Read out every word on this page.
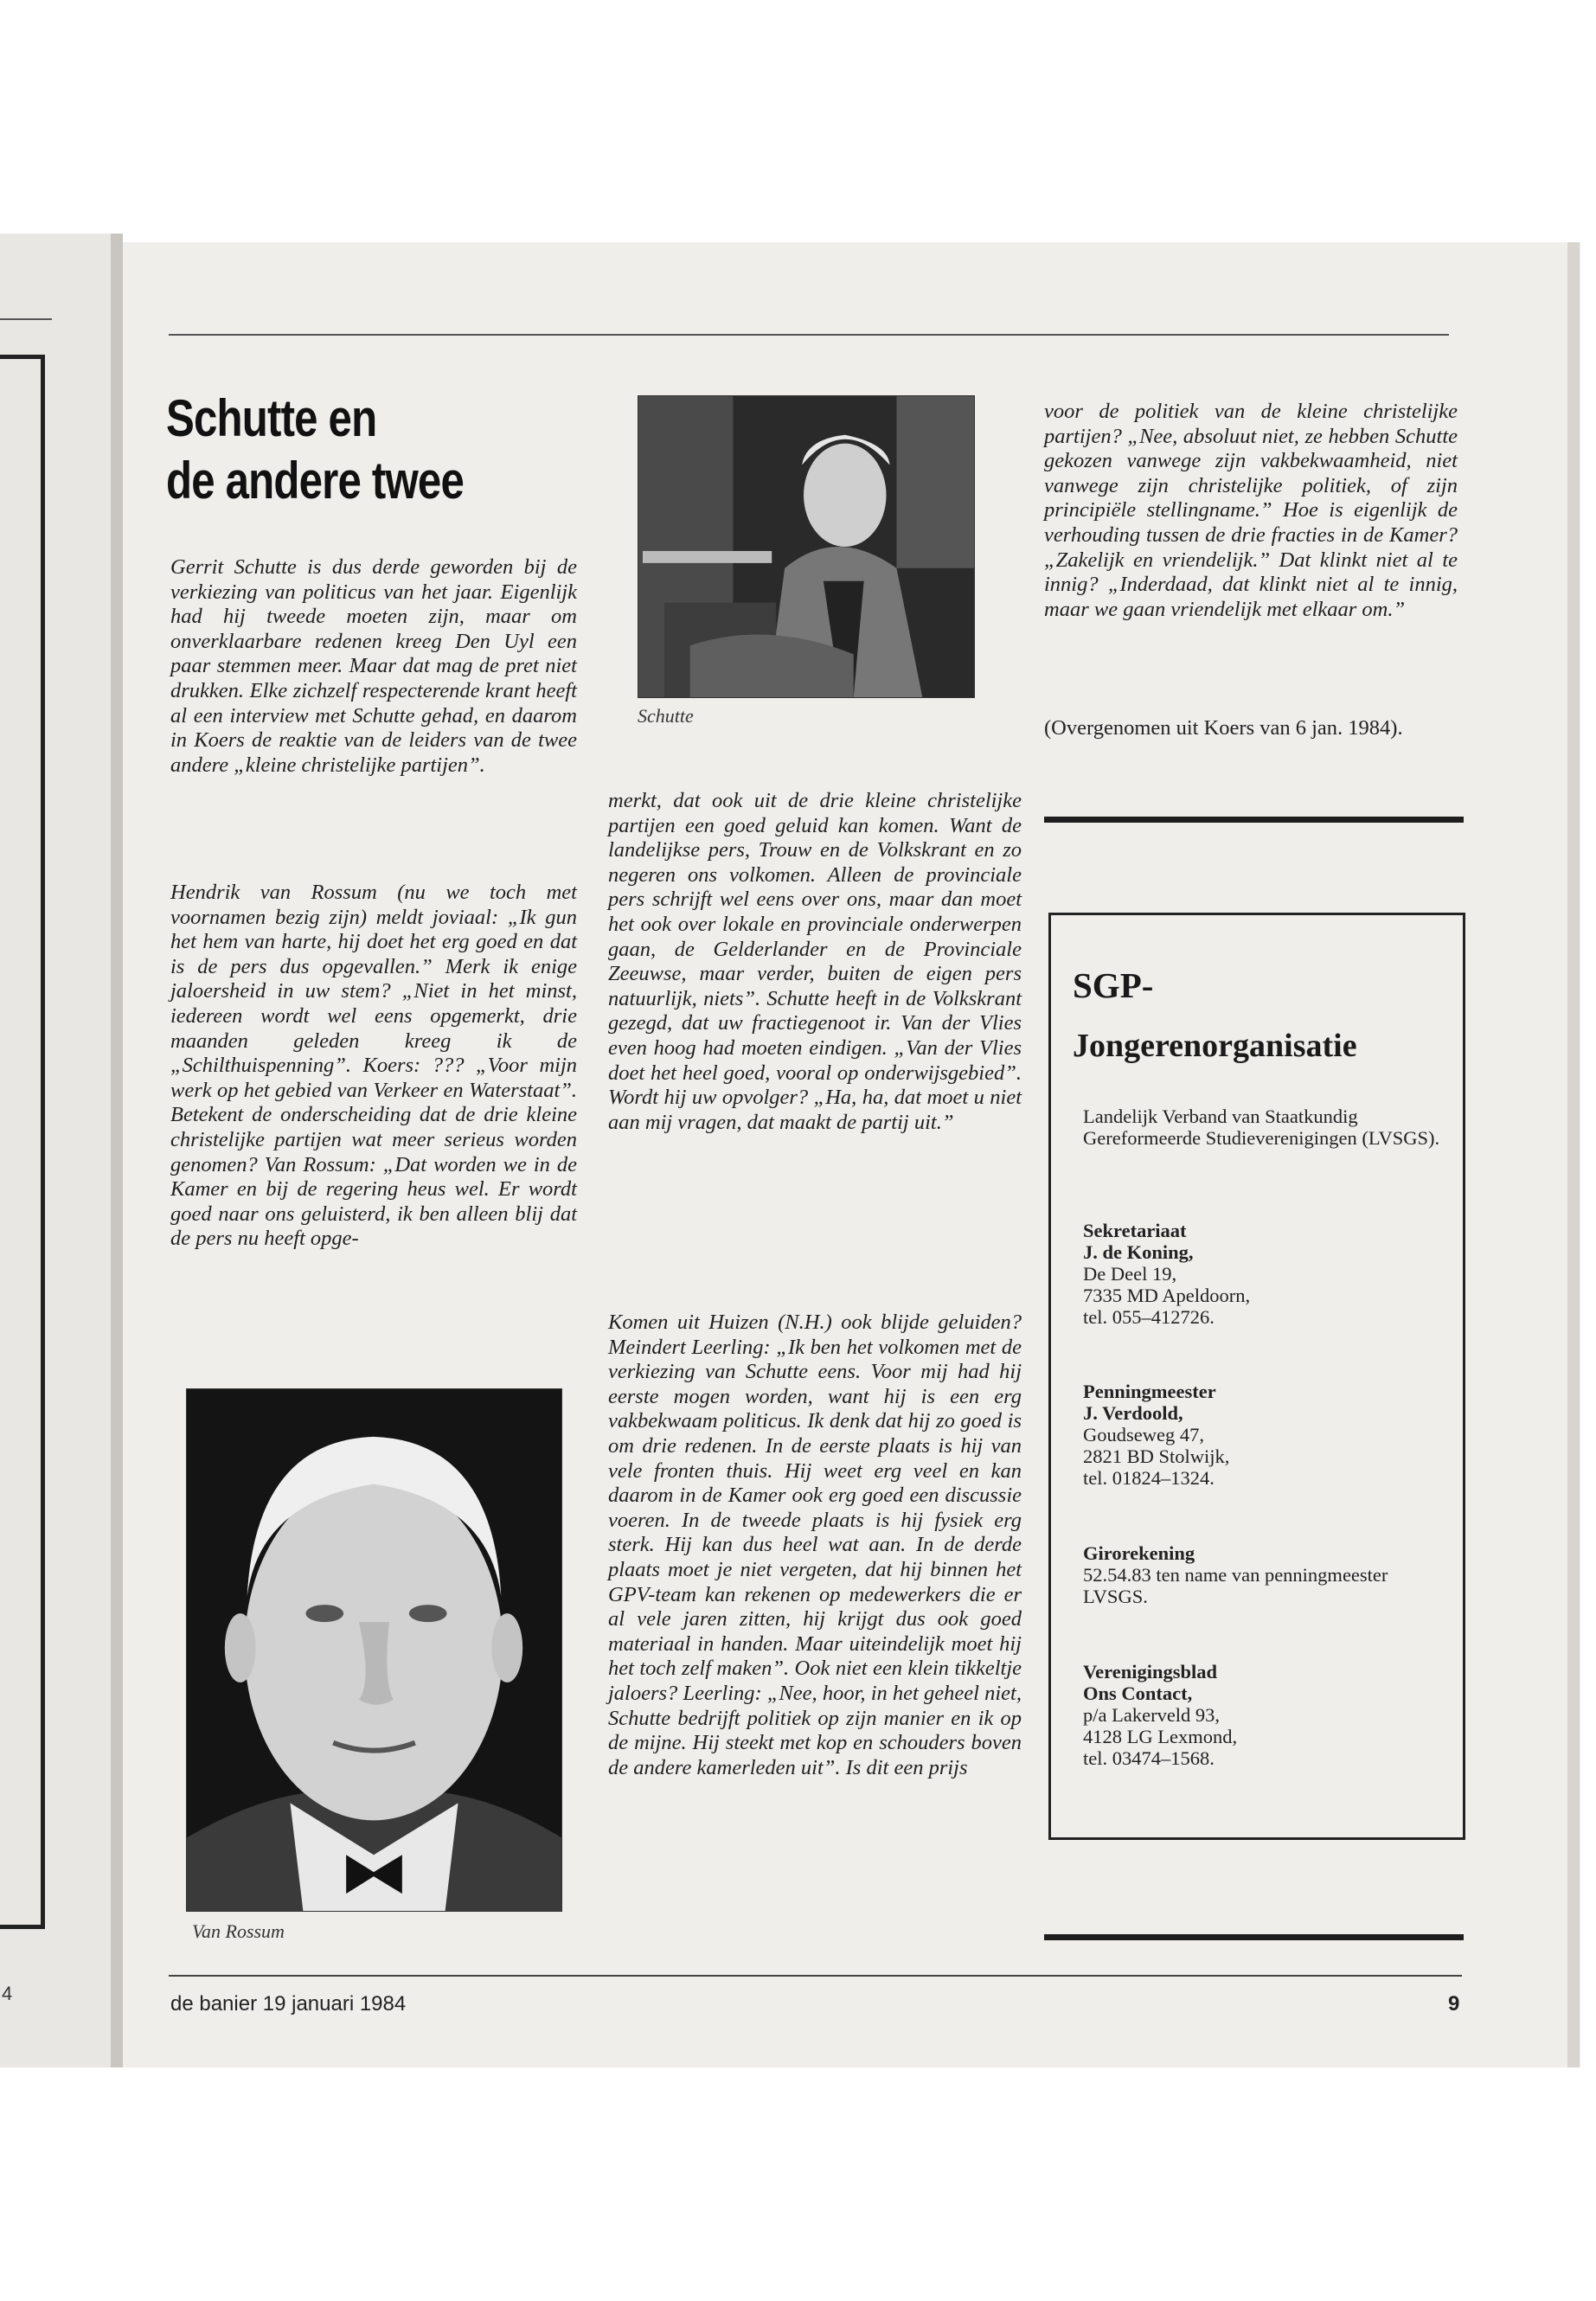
4
Schutte en
de andere twee

Gerrit Schutte is dus derde geworden bij de verkiezing van politicus van het jaar. Eigenlijk had hij tweede moeten zijn, maar om onverklaarbare redenen kreeg Den Uyl een paar stemmen meer. Maar dat mag de pret niet drukken. Elke zichzelf respecterende krant heeft al een interview met Schutte gehad, en daarom in Koers de reaktie van de leiders van de twee andere „kleine christelijke partijen”.

Hendrik van Rossum (nu we toch met voornamen bezig zijn) meldt joviaal: „Ik gun het hem van harte, hij doet het erg goed en dat is de pers dus opgevallen.” Merk ik enige jaloersheid in uw stem? „Niet in het minst, iedereen wordt wel eens opgemerkt, drie maanden geleden kreeg ik de „Schilthuispenning”. Koers: ??? „Voor mijn werk op het gebied van Verkeer en Waterstaat”. Betekent de onderscheiding dat de drie kleine christelijke partijen wat meer serieus worden genomen? Van Rossum: „Dat worden we in de Kamer en bij de regering heus wel. Er wordt goed naar ons geluisterd, ik ben alleen blij dat de pers nu heeft opge-

Schutte

merkt, dat ook uit de drie kleine christelijke partijen een goed geluid kan komen. Want de landelijkse pers, Trouw en de Volkskrant en zo negeren ons volkomen. Alleen de provinciale pers schrijft wel eens over ons, maar dan moet het ook over lokale en provinciale onderwerpen gaan, de Gelderlander en de Provinciale Zeeuwse, maar verder, buiten de eigen pers natuurlijk, niets”. Schutte heeft in de Volkskrant gezegd, dat uw fractiegenoot ir. Van der Vlies even hoog had moeten eindigen. „Van der Vlies doet het heel goed, vooral op onderwijsgebied”. Wordt hij uw opvolger? „Ha, ha, dat moet u niet aan mij vragen, dat maakt de partij uit.”

Komen uit Huizen (N.H.) ook blijde geluiden? Meindert Leerling: „Ik ben het volkomen met de verkiezing van Schutte eens. Voor mij had hij eerste mogen worden, want hij is een erg vakbekwaam politicus. Ik denk dat hij zo goed is om drie redenen. In de eerste plaats is hij van vele fronten thuis. Hij weet erg veel en kan daarom in de Kamer ook erg goed een discussie voeren. In de tweede plaats is hij fysiek erg sterk. Hij kan dus heel wat aan. In de derde plaats moet je niet vergeten, dat hij binnen het GPV-team kan rekenen op medewerkers die er al vele jaren zitten, hij krijgt dus ook goed materiaal in handen. Maar uiteindelijk moet hij het toch zelf maken”. Ook niet een klein tikkeltje jaloers? Leerling: „Nee, hoor, in het geheel niet, Schutte bedrijft politiek op zijn manier en ik op de mijne. Hij steekt met kop en schouders boven de andere kamerleden uit”. Is dit een prijs

Van Rossum

voor de politiek van de kleine christelijke partijen? „Nee, absoluut niet, ze hebben Schutte gekozen vanwege zijn vakbekwaamheid, niet vanwege zijn christelijke politiek, of zijn principiële stellingname.” Hoe is eigenlijk de verhouding tussen de drie fracties in de Kamer? „Zakelijk en vriendelijk.” Dat klinkt niet al te innig? „Inderdaad, dat klinkt niet al te innig, maar we gaan vriendelijk met elkaar om.”

(Overgenomen uit Koers van 6 jan. 1984).

SGP-

Jongerenorganisatie

Landelijk Verband van Staatkundig Gereformeerde Studieverenigingen (LVSGS).

Sekretariaat
J. de Koning,
De Deel 19,
7335 MD Apeldoorn,
tel. 055–412726.
Penningmeester
J. Verdoold,
Goudseweg 47,
2821 BD Stolwijk,
tel. 01824–1324.
Girorekening
52.54.83 ten name van penningmeester LVSGS.
Verenigingsblad
Ons Contact,
p/a Lakerveld 93,
4128 LG Lexmond,
tel. 03474–1568.
de banier 19 januari 1984	9
